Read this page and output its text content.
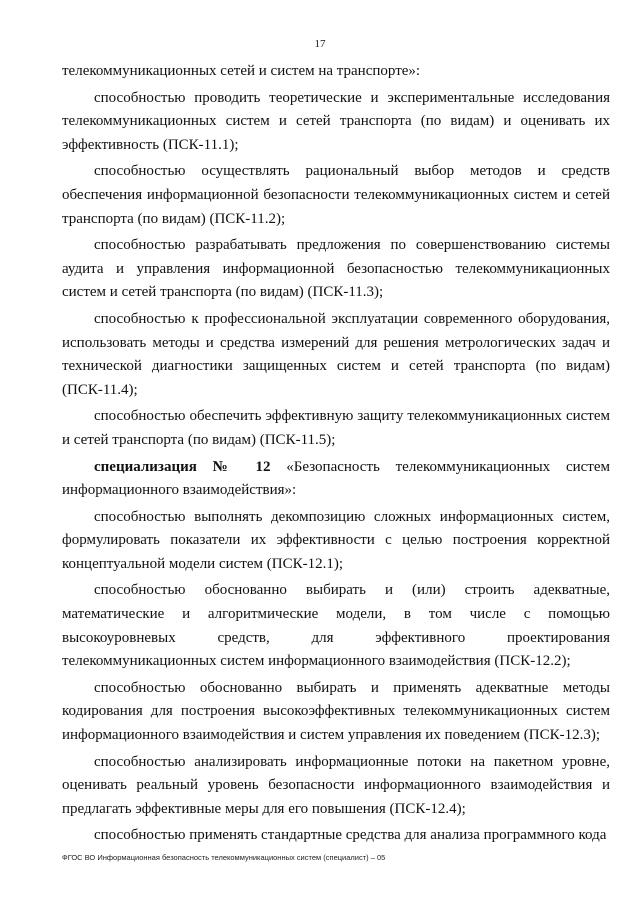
17

телекоммуникационных сетей и систем на транспорте»:

способностью проводить теоретические и экспериментальные исследования телекоммуникационных систем и сетей транспорта (по видам) и оценивать их эффективность (ПСК-11.1);

способностью осуществлять рациональный выбор методов и средств обеспечения информационной безопасности телекоммуникационных систем и сетей транспорта (по видам) (ПСК-11.2);

способностью разрабатывать предложения по совершенствованию системы аудита и управления информационной безопасностью телекоммуникационных систем и сетей транспорта (по видам) (ПСК-11.3);

способностью к профессиональной эксплуатации современного оборудования, использовать методы и средства измерений для решения метрологических задач и технической диагностики защищенных систем и сетей транспорта (по видам) (ПСК-11.4);

способностью обеспечить эффективную защиту телекоммуникационных систем и сетей транспорта (по видам) (ПСК-11.5);

специализация № 12 «Безопасность телекоммуникационных систем информационного взаимодействия»:

способностью выполнять декомпозицию сложных информационных систем, формулировать показатели их эффективности с целью построения корректной концептуальной модели систем (ПСК-12.1);

способностью обоснованно выбирать и (или) строить адекватные, математические и алгоритмические модели, в том числе с помощью высокоуровневых средств, для эффективного проектирования телекоммуникационных систем информационного взаимодействия (ПСК-12.2);

способностью обоснованно выбирать и применять адекватные методы кодирования для построения высокоэффективных телекоммуникационных систем информационного взаимодействия и систем управления их поведением (ПСК-12.3);

способностью анализировать информационные потоки на пакетном уровне, оценивать реальный уровень безопасности информационного взаимодействия и предлагать эффективные меры для его повышения (ПСК-12.4);

способностью применять стандартные средства для анализа программного кода

ФГОС ВО Информационная безопасность телекоммуникационных систем (специалист) – 05
